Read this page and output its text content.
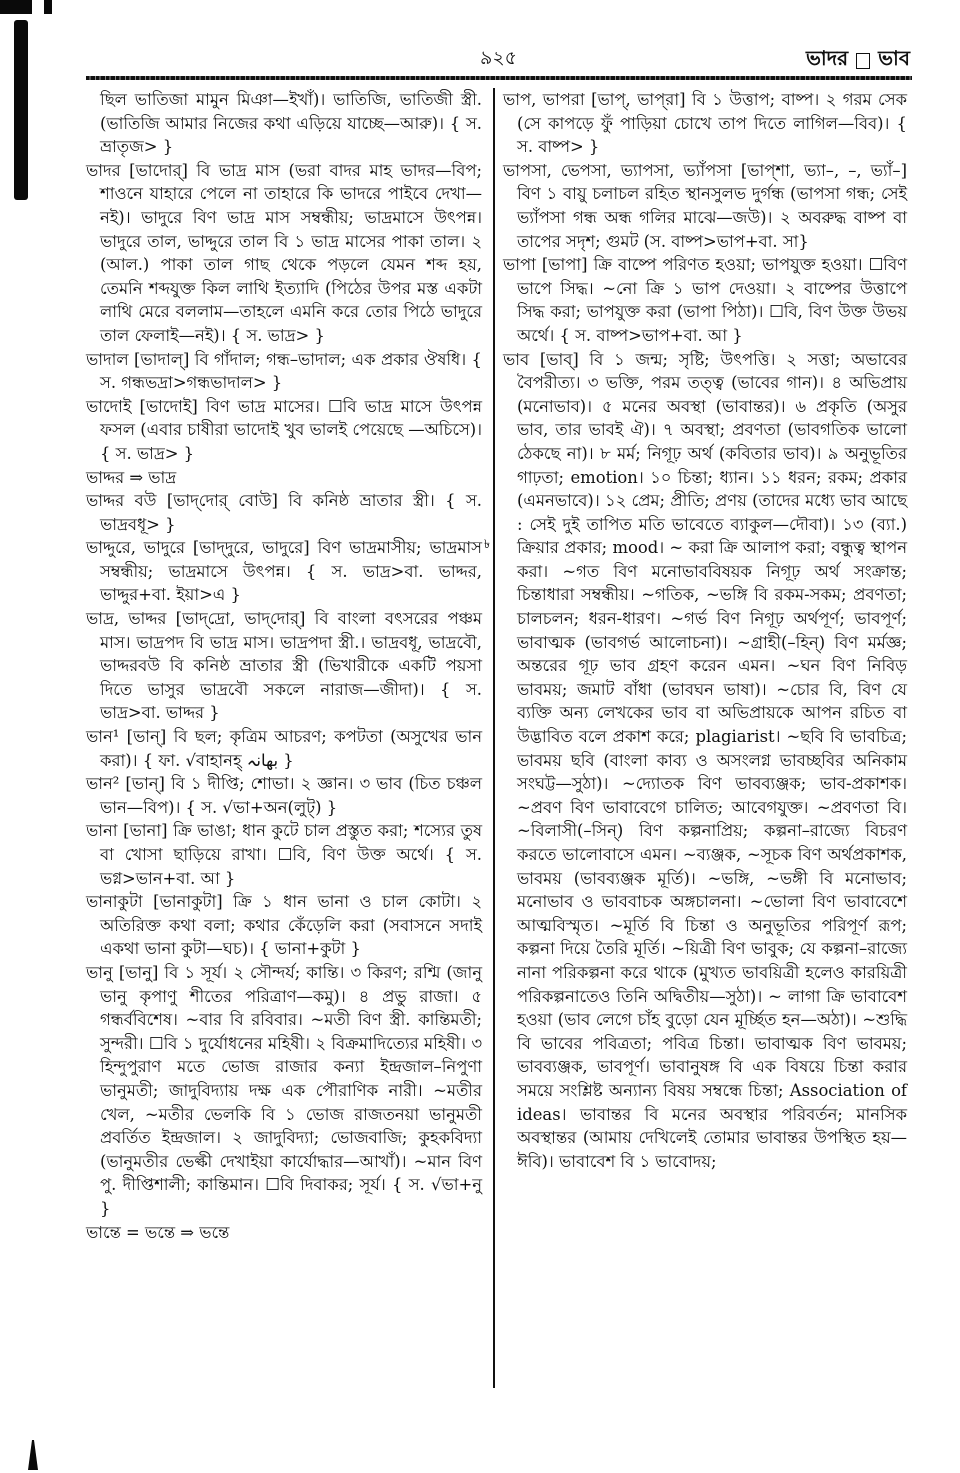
৯২৫	ভাদর ভাব

ছিল ভাতিজা মামুন মিঞা—ইখাঁ)। ভাতিজি, ভাতিজী স্ত্রী. (ভাতিজি আমার নিজের কথা এড়িয়ে যাচ্ছে—আরু)। { স. ভ্রাতৃজ> }

ভাদর [ভাদোর্] বি ভাদ্র মাস (ভরা বাদর মাহ ভাদর—বিপ; শাওনে যাহারে পেলে না তাহারে কি ভাদরে পাইবে দেখা—নই)। ভাদুরে বিণ ভাদ্র মাস সম্বন্ধীয়; ভাদ্রমাসে উৎপন্ন। ভাদুরে তাল, ভাদ্দুরে তাল বি ১ ভাদ্র মাসের পাকা তাল। ২ (আল.) পাকা তাল গাছ থেকে পড়লে যেমন শব্দ হয়, তেমনি শব্দযুক্ত কিল লাথি ইত্যাদি (পিঠের উপর মস্ত একটা লাথি মেরে বললাম—তাহলে এমনি করে তোর পিঠে ভাদুরে তাল ফেলাই—নই)। { স. ভাদ্র> }

ভাদাল [ভাদাল্] বি গাঁদাল; গন্ধ–ভাদাল; এক প্রকার ঔষধি। { স. গন্ধভদ্রা>গন্ধভাদাল> }

ভাদোই [ভাদোই] বিণ ভাদ্র মাসের। ☐বি ভাদ্র মাসে উৎপন্ন ফসল (এবার চাষীরা ভাদোই খুব ভালই পেয়েছে —অচিসে)। { স. ভাদ্র> }

ভাদ্দর ⇒ ভাদ্র

ভাদ্দর বউ [ভাদ্‌দোর্ বোউ] বি কনিষ্ঠ ভ্রাতার স্ত্রী। { স. ভাদ্রবধূ> }

ভাদ্দুরে, ভাদুরে [ভাদ্‌দুরে, ভাদুরে] বিণ ভাদ্রমাসীয়; ভাদ্রমাস সম্বন্ধীয়; ভাদ্রমাসে উৎপন্ন। { স. ভাদ্র>বা. ভাদ্দর, ভাদ্দুর+বা. ইয়া>এ }

ভাদ্র, ভাদ্দর [ভাদ্‌দ্রো, ভাদ্‌দোর্] বি বাংলা বৎসরের পঞ্চম মাস। ভাদ্রপদ বি ভাদ্র মাস। ভাদ্রপদা স্ত্রী.। ভাদ্রবধূ, ভাদ্রবৌ, ভাদ্দরবউ বি কনিষ্ঠ ভ্রাতার স্ত্রী (ভিখারীকে একটি পয়সা দিতে ভাসুর ভাদ্রবৌ সকলে নারাজ—জীদা)। { স. ভাদ্র>বা. ভাদ্দর }

ভান¹ [ভান্] বি ছল; কৃত্রিম আচরণ; কপটতা (অসুখের ভান করা)। { ফা. √বাহানহ্ بهانہ }

ভান² [ভান্] বি ১ দীপ্তি; শোভা। ২ জ্ঞান। ৩ ভাব (চিত চঞ্চল ভান—বিপ)। { স. √ভা+অন(লুট্) }

ভানা [ভানা] ক্রি ভাঙা; ধান কুটে চাল প্রস্তুত করা; শস্যের তুষ বা খোসা ছাড়িয়ে রাখা। ☐বি, বিণ উক্ত অর্থে। { স. ভগ্ন>ভান+বা. আ }

ভানাকুটা [ভানাকুটা] ক্রি ১ ধান ভানা ও চাল কোটা। ২ অতিরিক্ত কথা বলা; কথার কেঁড়েলি করা (সবাসনে সদাই একথা ভানা কুটা—ঘচ)। { ভানা+কুটা }

ভানু [ভানু] বি ১ সূর্য। ২ সৌন্দর্য; কান্তি। ৩ কিরণ; রশ্মি (জানু ভানু কৃপাণু শীতের পরিত্রাণ—কমু)। ৪ প্রভু রাজা। ৫ গন্ধর্ববিশেষ। ~বার বি রবিবার। ~মতী বিণ স্ত্রী. কান্তিমতী; সুন্দরী। ☐বি ১ দুর্যোধনের মহিষী। ২ বিক্রমাদিত্যের মহিষী। ৩ হিন্দুপুরাণ মতে ভোজ রাজার কন্যা ইন্দ্রজাল–নিপুণা ভানুমতী; জাদুবিদ্যায় দক্ষ এক পৌরাণিক নারী। ~মতীর খেল, ~মতীর ভেলকি বি ১ ভোজ রাজতনয়া ভানুমতী প্রবর্তিত ইন্দ্রজাল। ২ জাদুবিদ্যা; ভোজবাজি; কুহকবিদ্যা (ভানুমতীর ভেল্কী দেখাইয়া কার্যোদ্ধার—আখাঁ)। ~মান বিণ পু. দীপ্তিশালী; কান্তিমান। ☐বি দিবাকর; সূর্য। { স. √ভা+নু }

ভান্তে = ভন্তে ⇒ ভন্তে

৳

ভাপ, ভাপরা [ভাপ্, ভাপ্‌রা] বি ১ উত্তাপ; বাষ্প। ২ গরম সেক (সে কাপড়ে ফুঁ পাড়িয়া চোখে তাপ দিতে লাগিল—বিব)। { স. বাষ্প> }

ভাপসা, ভেপসা, ভ্যাপসা, ভ্যাঁপসা [ভাপ্‌শা, ভ্যা–, –, ভ্যাঁ–] বিণ ১ বায়ু চলাচল রহিত স্থানসুলভ দুর্গন্ধ (ভাপসা গন্ধ; সেই ভ্যাঁপসা গন্ধ অন্ধ গলির মাঝে—জউ)। ২ অবরুদ্ধ বাষ্প বা তাপের সদৃশ; গুমট (স. বাষ্প>ভাপ+বা. সা}

ভাপা [ভাপা] ক্রি বাষ্পে পরিণত হওয়া; ভাপযুক্ত হওয়া। ☐বিণ ভাপে সিদ্ধ। ~নো ক্রি ১ ভাপ দেওয়া। ২ বাষ্পের উত্তাপে সিদ্ধ করা; ভাপযুক্ত করা (ভাপা পিঠা)। ☐বি, বিণ উক্ত উভয় অর্থে। { স. বাষ্প>ভাপ+বা. আ }

ভাব [ভাব্] বি ১ জন্ম; সৃষ্টি; উৎপত্তি। ২ সত্তা; অভাবের বৈপরীত্য। ৩ ভক্তি, পরম তত্ত্ব (ভাবের গান)। ৪ অভিপ্রায় (মনোভাব)। ৫ মনের অবস্থা (ভাবান্তর)। ৬ প্রকৃতি (অসুর ভাব, তার ভাবই ঐ)। ৭ অবস্থা; প্রবণতা (ভাবগতিক ভালো ঠেকছে না)। ৮ মর্ম; নিগূঢ় অর্থ (কবিতার ভাব)। ৯ অনুভূতির গাঢ়তা; emotion। ১০ চিন্তা; ধ্যান। ১১ ধরন; রকম; প্রকার (এমনভাবে)। ১২ প্রেম; প্রীতি; প্রণয় (তাদের মধ্যে ভাব আছে : সেই দুই তাপিত মতি ভাবেতে ব্যাকুল—দৌবা)। ১৩ (ব্যা.) ক্রিয়ার প্রকার; mood। ~ করা ক্রি আলাপ করা; বন্ধুত্ব স্থাপন করা। ~গত বিণ মনোভাববিষয়ক নিগূঢ় অর্থ সংক্রান্ত; চিন্তাধারা সম্বন্ধীয়। ~গতিক, ~ভঙ্গি বি রকম-সকম; প্রবণতা; চালচলন; ধরন-ধারণ। ~গর্ভ বিণ নিগূঢ় অর্থপূর্ণ; ভাবপূর্ণ; ভাবাত্মক (ভাবগর্ভ আলোচনা)। ~গ্রাহী(–হিন্) বিণ মর্মজ্ঞ; অন্তরের গূঢ় ভাব গ্রহণ করেন এমন। ~ঘন বিণ নিবিড় ভাবময়; জমাট বাঁধা (ভাবঘন ভাষা)। ~চোর বি, বিণ যে ব্যক্তি অন্য লেখকের ভাব বা অভিপ্রায়কে আপন রচিত বা উদ্ভাবিত বলে প্রকাশ করে; plagiarist। ~ছবি বি ভাবচিত্র; ভাবময় ছবি (বাংলা কাব্য ও অসংলগ্ন ভাবচ্ছবির অনিকাম সংঘট্ট—সুঠা)। ~দ্যোতক বিণ ভাবব্যঞ্জক; ভাব-প্রকাশক। ~প্রবণ বিণ ভাবাবেগে চালিত; আবেগযুক্ত। ~প্রবণতা বি। ~বিলাসী(–সিন্) বিণ কল্পনাপ্রিয়; কল্পনা–রাজ্যে বিচরণ করতে ভালোবাসে এমন। ~ব্যঞ্জক, ~সূচক বিণ অর্থপ্রকাশক, ভাবময় (ভাবব্যঞ্জক মূর্তি)। ~ভঙ্গি, ~ভঙ্গী বি মনোভাব; মনোভাব ও ভাববাচক অঙ্গচালনা। ~ভোলা বিণ ভাবাবেশে আত্মবিস্মৃত। ~মূর্তি বি চিন্তা ও অনুভূতির পরিপূর্ণ রূপ; কল্পনা দিয়ে তৈরি মূর্তি। ~য়িত্রী বিণ ভাবুক; যে কল্পনা–রাজ্যে নানা পরিকল্পনা করে থাকে (মুখ্যত ভাবয়িত্রী হলেও কারয়িত্রী পরিকল্পনাতেও তিনি অদ্বিতীয়—সুঠা)। ~ লাগা ক্রি ভাবাবেশ হওয়া (ভাব লেগে চাঁহ বুড়ো যেন মূর্চ্ছিত হন—অঠা)। ~শুদ্ধি বি ভাবের পবিত্রতা; পবিত্র চিন্তা। ভাবাত্মক বিণ ভাবময়; ভাবব্যঞ্জক, ভাবপূর্ণ। ভাবানুষঙ্গ বি এক বিষয়ে চিন্তা করার সময়ে সংশ্লিষ্ট অন্যান্য বিষয় সম্বন্ধে চিন্তা; Association of ideas। ভাবান্তর বি মনের অবস্থার পরিবর্তন; মানসিক অবস্থান্তর (আমায় দেখিলেই তোমার ভাবান্তর উপস্থিত হয়—ঈবি)। ভাবাবেশ বি ১ ভাবোদয়;
